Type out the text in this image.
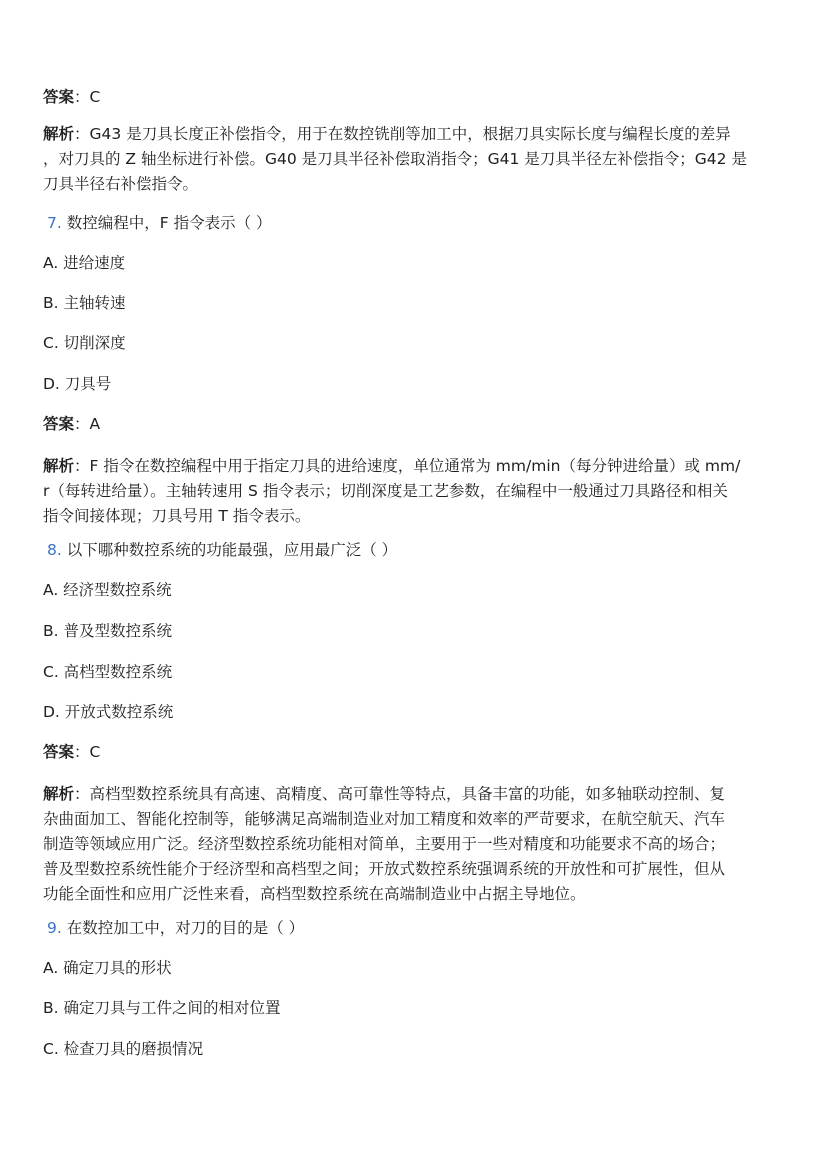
答案：C
解析：G43 是刀具长度正补偿指令，用于在数控铣削等加工中，根据刀具实际长度与编程长度的差异
，对刀具的 Z 轴坐标进行补偿。G40 是刀具半径补偿取消指令；G41 是刀具半径左补偿指令；G42 是
刀具半径右补偿指令。
7. 数控编程中，F 指令表示（ ）
A. 进给速度
B. 主轴转速
C. 切削深度
D. 刀具号
答案：A
解析：F 指令在数控编程中用于指定刀具的进给速度，单位通常为 mm/min（每分钟进给量）或 mm/
r（每转进给量）。主轴转速用 S 指令表示；切削深度是工艺参数，在编程中一般通过刀具路径和相关
指令间接体现；刀具号用 T 指令表示。
8. 以下哪种数控系统的功能最强，应用最广泛（ ）
A. 经济型数控系统
B. 普及型数控系统
C. 高档型数控系统
D. 开放式数控系统
答案：C
解析：高档型数控系统具有高速、高精度、高可靠性等特点，具备丰富的功能，如多轴联动控制、复
杂曲面加工、智能化控制等，能够满足高端制造业对加工精度和效率的严苛要求，在航空航天、汽车
制造等领域应用广泛。经济型数控系统功能相对简单，主要用于一些对精度和功能要求不高的场合；
普及型数控系统性能介于经济型和高档型之间；开放式数控系统强调系统的开放性和可扩展性，但从
功能全面性和应用广泛性来看，高档型数控系统在高端制造业中占据主导地位。
9. 在数控加工中，对刀的目的是（ ）
A. 确定刀具的形状
B. 确定刀具与工件之间的相对位置
C. 检查刀具的磨损情况
